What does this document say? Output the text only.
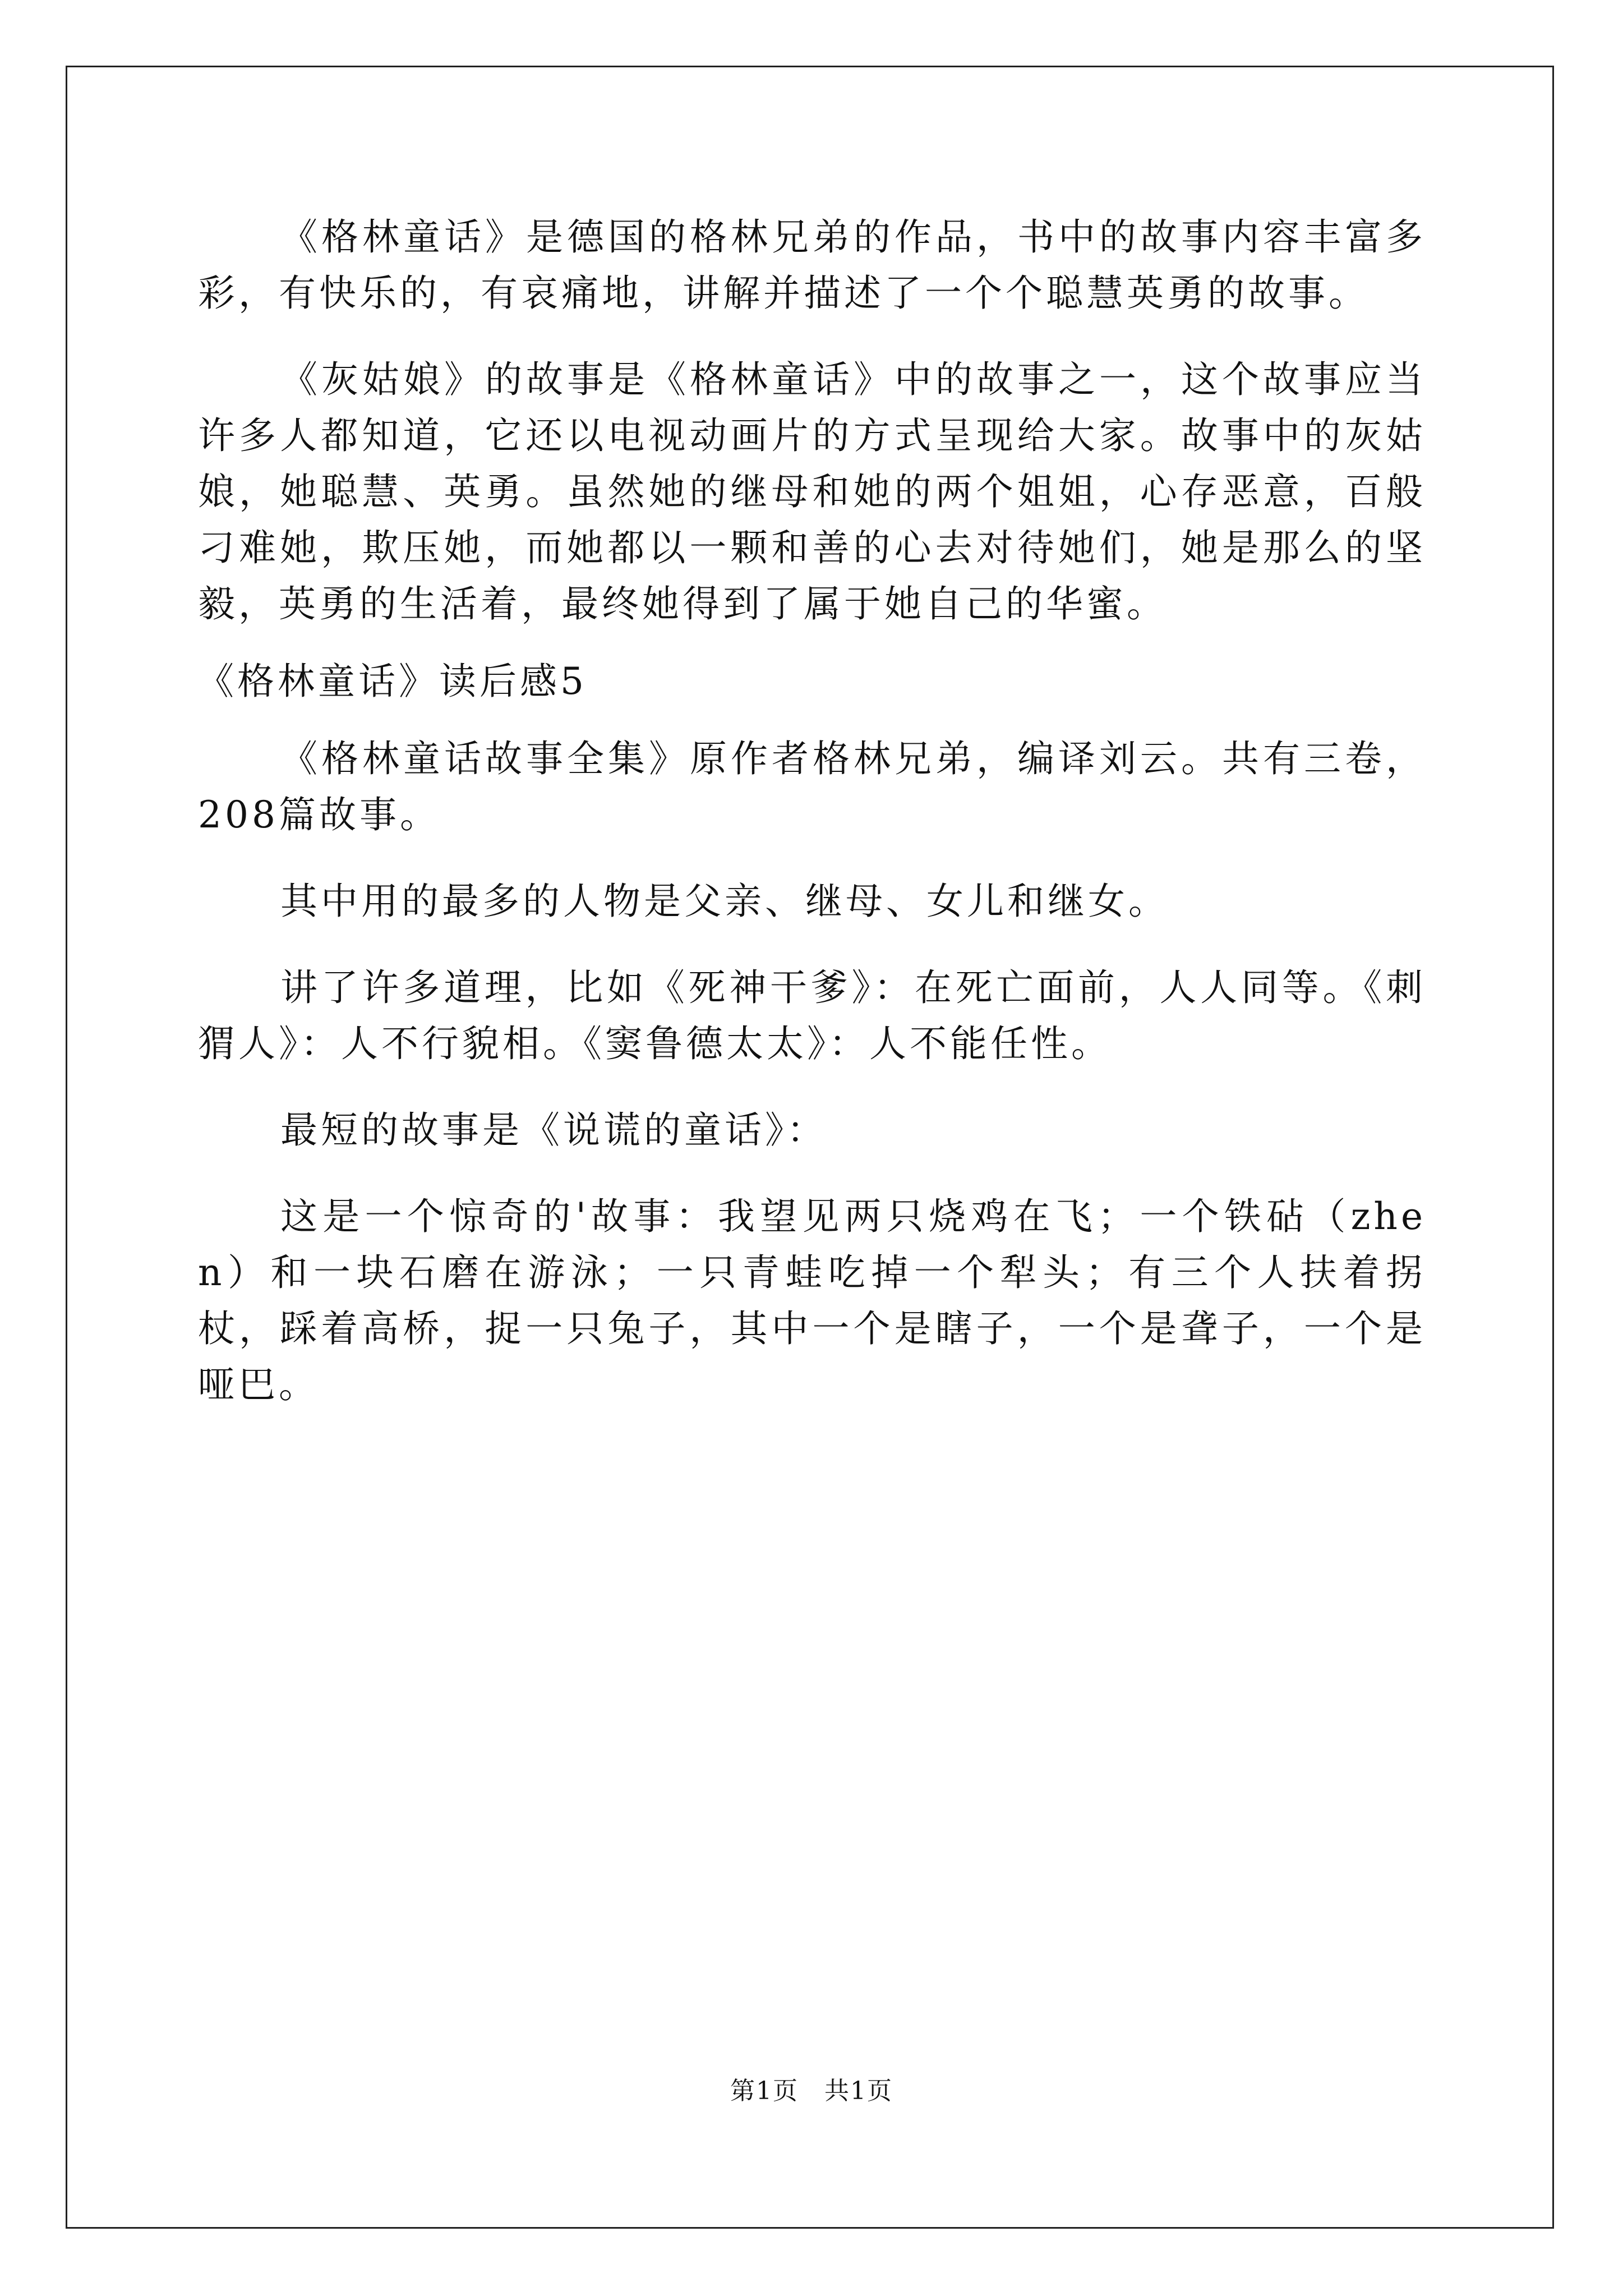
《格林童话》是德国的格林兄弟的作品，书中的故事内容丰富多彩，有快乐的，有哀痛地，讲解并描述了一个个聪慧英勇的故事。

《灰姑娘》的故事是《格林童话》中的故事之一，这个故事应当许多人都知道，它还以电视动画片的方式呈现给大家。故事中的灰姑娘，她聪慧、英勇。虽然她的继母和她的两个姐姐，心存恶意，百般刁难她，欺压她，而她都以一颗和善的心去对待她们，她是那么的坚毅，英勇的生活着，最终她得到了属于她自己的华蜜。

《格林童话》读后感5

《格林童话故事全集》原作者格林兄弟，编译刘云。共有三卷，208篇故事。

其中用的最多的人物是父亲、继母、女儿和继女。

讲了许多道理，比如《死神干爹》：在死亡面前，人人同等。《刺猬人》：人不行貌相。《窦鲁德太太》：人不能任性。

最短的故事是《说谎的童话》：

这是一个惊奇的'故事：我望见两只烧鸡在飞；一个铁砧（zhen）和一块石磨在游泳；一只青蛙吃掉一个犁头；有三个人扶着拐杖，踩着高桥，捉一只兔子，其中一个是瞎子，一个是聋子，一个是哑巴。

第1页　共1页
